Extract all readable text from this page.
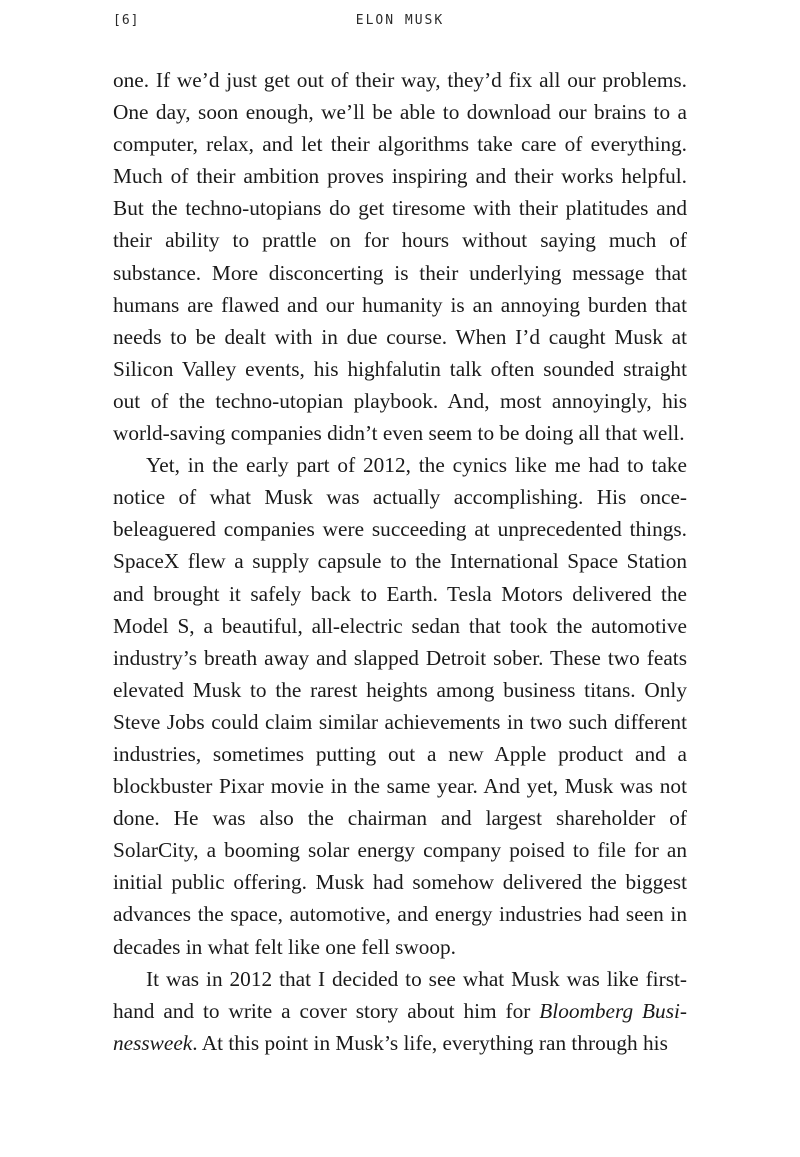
[6]	ELON MUSK

one. If we’d just get out of their way, they’d fix all our problems. One day, soon enough, we’ll be able to download our brains to a computer, relax, and let their algorithms take care of everything. Much of their ambition proves inspiring and their works helpful. But the techno-utopians do get tiresome with their platitudes and their ability to prattle on for hours without saying much of substance. More disconcerting is their underlying message that humans are flawed and our humanity is an annoying burden that needs to be dealt with in due course. When I’d caught Musk at Silicon Valley events, his highfalutin talk often sounded straight out of the techno-utopian playbook. And, most annoyingly, his world-saving companies didn’t even seem to be doing all that well.

Yet, in the early part of 2012, the cynics like me had to take notice of what Musk was actually accomplishing. His once-beleaguered companies were succeeding at unprecedented things. SpaceX flew a supply capsule to the International Space Station and brought it safely back to Earth. Tesla Motors delivered the Model S, a beautiful, all-electric sedan that took the automotive industry’s breath away and slapped Detroit sober. These two feats elevated Musk to the rarest heights among business titans. Only Steve Jobs could claim similar achievements in two such different industries, sometimes putting out a new Apple product and a blockbuster Pixar movie in the same year. And yet, Musk was not done. He was also the chairman and largest shareholder of SolarCity, a booming solar energy company poised to file for an initial public offering. Musk had somehow delivered the biggest advances the space, automotive, and energy industries had seen in decades in what felt like one fell swoop.

It was in 2012 that I decided to see what Musk was like firsthand and to write a cover story about him for Bloomberg Businessweek. At this point in Musk’s life, everything ran through his
